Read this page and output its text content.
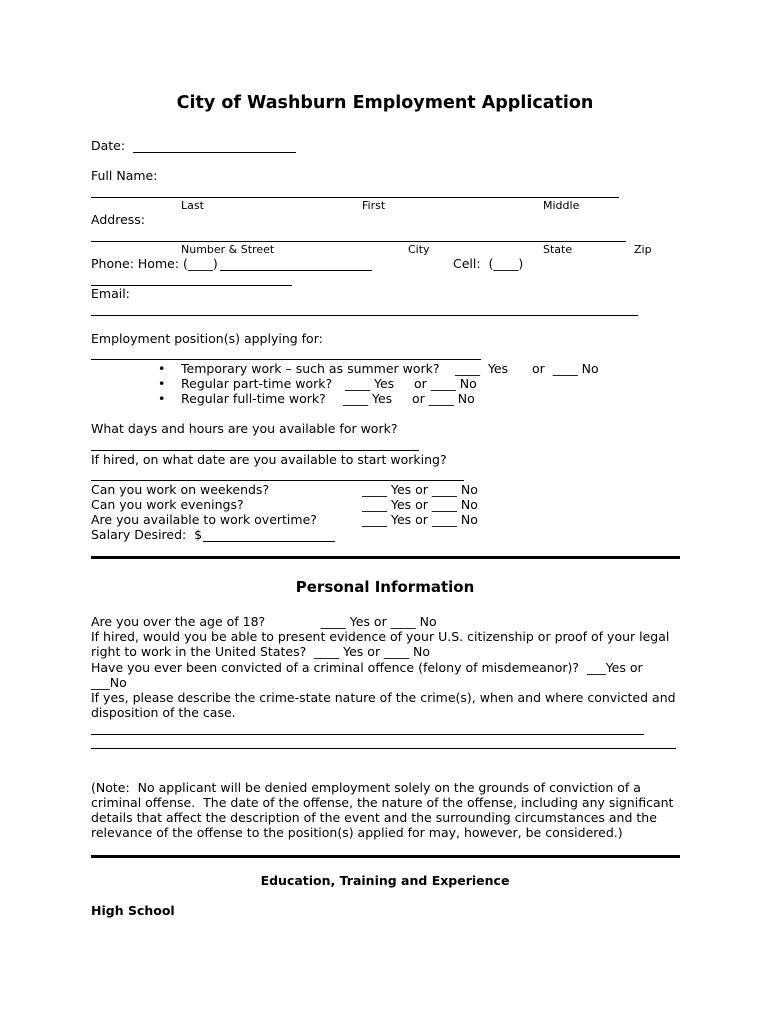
City of Washburn Employment Application
Date:
Full Name:
Last	First	Middle
Address:
Number & Street	City	State	Zip
Phone: Home: (____)	Cell:  (____)
Email:
Employment position(s) applying for:
• Temporary work – such as summer work? ____  Yes      or  ____ No
• Regular part-time work? ____ Yes     or ____ No
• Regular full-time work? ____ Yes     or ____ No
What days and hours are you available for work?
If hired, on what date are you available to start working?
Can you work on weekends?	____ Yes or ____ No
Can you work evenings?	____ Yes or ____ No
Are you available to work overtime?	____ Yes or ____ No
Salary Desired:  $
Personal Information
Are you over the age of 18?              ____ Yes or ____ No
If hired, would you be able to present evidence of your U.S. citizenship or proof of your legal
right to work in the United States?  ____ Yes or ____ No
Have you ever been convicted of a criminal offence (felony of misdemeanor)?  ___Yes or
___No
If yes, please describe the crime-state nature of the crime(s), when and where convicted and
disposition of the case.
(Note:  No applicant will be denied employment solely on the grounds of conviction of a
criminal offense.  The date of the offense, the nature of the offense, including any significant
details that affect the description of the event and the surrounding circumstances and the
relevance of the offense to the position(s) applied for may, however, be considered.)
Education, Training and Experience
High School
